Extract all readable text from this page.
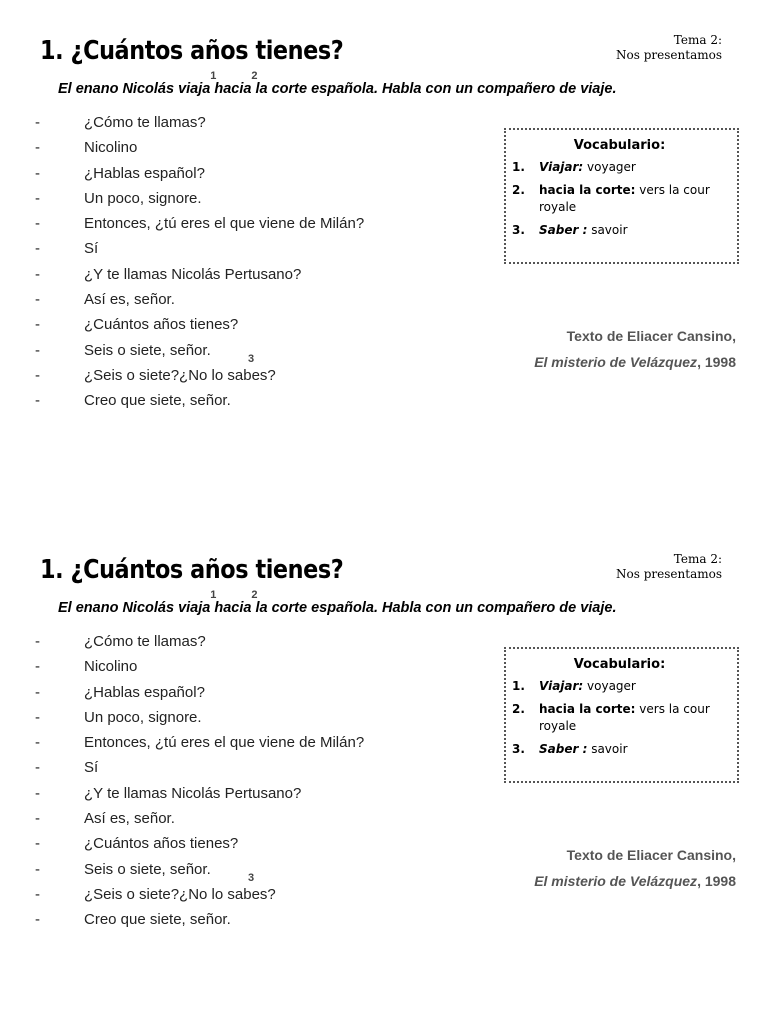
1. ¿Cuántos años tienes?	Tema 2:
Nos presentamos
El enano Nicolás viaja
1
hacia
2
la corte española. Habla con un compañero de viaje.
-	¿Cómo te llamas?
-	Nicolino
-	¿Hablas español?
-	Un poco, signore.
-	Entonces, ¿tú eres el que viene de Milán?
-	Sí
-	¿Y te llamas Nicolás Pertusano?
-	Así es, señor.
-	¿Cuántos años tienes?
-	Seis o siete, señor.
-	¿Seis o siete?¿No lo sabes?
3
-	Creo que siete, señor.
Vocabulario:
1. Viajar: voyager
2. hacia la corte: vers la cour royale
3. Saber : savoir
Texto de Eliacer Cansino,
El misterio de Velázquez, 1998
1. ¿Cuántos años tienes?	Tema 2:
Nos presentamos
El enano Nicolás viaja
1
hacia
2
la corte española. Habla con un compañero de viaje.
-	¿Cómo te llamas?
-	Nicolino
-	¿Hablas español?
-	Un poco, signore.
-	Entonces, ¿tú eres el que viene de Milán?
-	Sí
-	¿Y te llamas Nicolás Pertusano?
-	Así es, señor.
-	¿Cuántos años tienes?
-	Seis o siete, señor.
-	¿Seis o siete?¿No lo sabes?
3
-	Creo que siete, señor.
Vocabulario:
1. Viajar: voyager
2. hacia la corte: vers la cour royale
3. Saber : savoir
Texto de Eliacer Cansino,
El misterio de Velázquez, 1998
